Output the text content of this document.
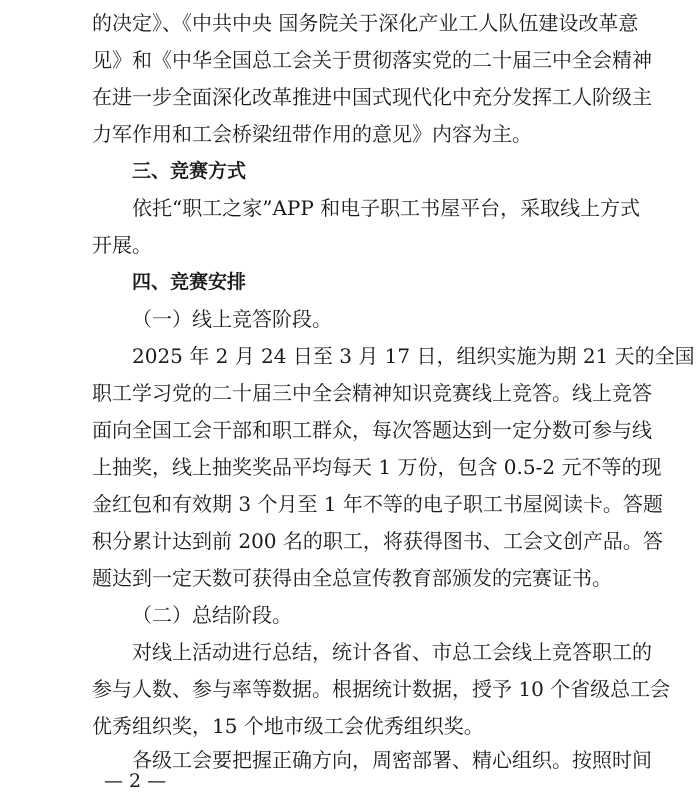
的决定》、《中共中央 国务院关于深化产业工人队伍建设改革意
见》和《中华全国总工会关于贯彻落实党的二十届三中全会精神
在进一步全面深化改革推进中国式现代化中充分发挥工人阶级主
力军作用和工会桥梁纽带作用的意见》内容为主。
三、竞赛方式
依托“职工之家”APP 和电子职工书屋平台，采取线上方式
开展。
四、竞赛安排
（一）线上竞答阶段。
2025 年 2 月 24 日至 3 月 17 日，组织实施为期 21 天的全国
职工学习党的二十届三中全会精神知识竞赛线上竞答。线上竞答
面向全国工会干部和职工群众，每次答题达到一定分数可参与线
上抽奖，线上抽奖奖品平均每天 1 万份，包含 0.5-2 元不等的现
金红包和有效期 3 个月至 1 年不等的电子职工书屋阅读卡。答题
积分累计达到前 200 名的职工，将获得图书、工会文创产品。答
题达到一定天数可获得由全总宣传教育部颁发的完赛证书。
（二）总结阶段。
对线上活动进行总结，统计各省、市总工会线上竞答职工的
参与人数、参与率等数据。根据统计数据，授予 10 个省级总工会
优秀组织奖，15 个地市级工会优秀组织奖。
各级工会要把握正确方向，周密部署、精心组织。按照时间
— 2 —
